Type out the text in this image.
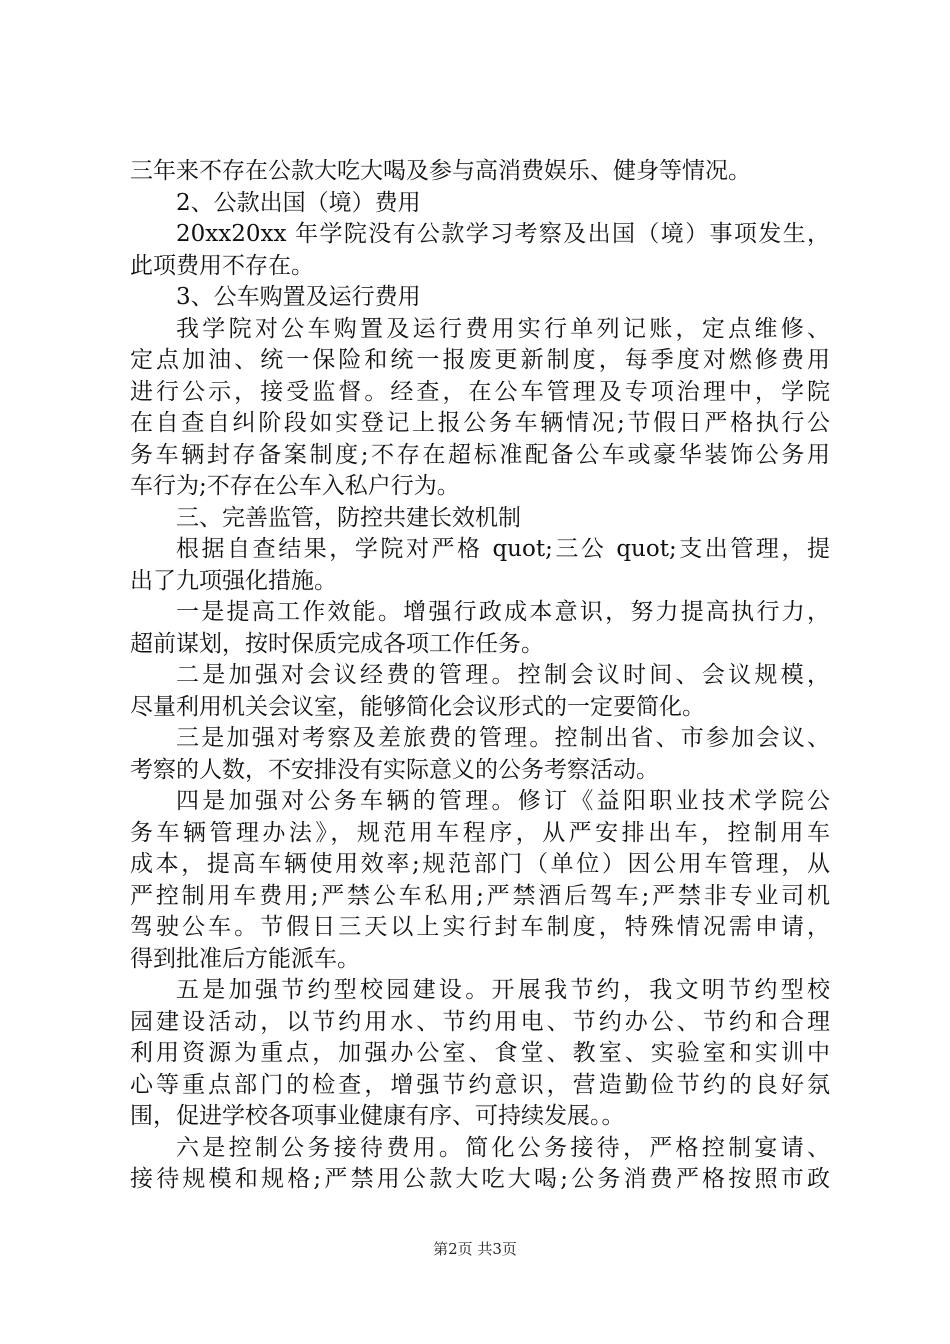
三年来不存在公款大吃大喝及参与高消费娱乐、健身等情况。
2、公款出国（境）费用
20xx20xx 年学院没有公款学习考察及出国（境）事项发生，
此项费用不存在。
3、公车购置及运行费用
我学院对公车购置及运行费用实行单列记账，定点维修、
定点加油、统一保险和统一报废更新制度，每季度对燃修费用
进行公示，接受监督。经查，在公车管理及专项治理中，学院
在自查自纠阶段如实登记上报公务车辆情况;节假日严格执行公
务车辆封存备案制度;不存在超标准配备公车或豪华装饰公务用
车行为;不存在公车入私户行为。
三、完善监管，防控共建长效机制
根据自查结果，学院对严格 quot;三公 quot;支出管理，提
出了九项强化措施。
一是提高工作效能。增强行政成本意识，努力提高执行力，
超前谋划，按时保质完成各项工作任务。
二是加强对会议经费的管理。控制会议时间、会议规模，
尽量利用机关会议室，能够简化会议形式的一定要简化。
三是加强对考察及差旅费的管理。控制出省、市参加会议、
考察的人数，不安排没有实际意义的公务考察活动。
四是加强对公务车辆的管理。修订《益阳职业技术学院公
务车辆管理办法》，规范用车程序，从严安排出车，控制用车
成本，提高车辆使用效率;规范部门（单位）因公用车管理，从
严控制用车费用;严禁公车私用;严禁酒后驾车;严禁非专业司机
驾驶公车。节假日三天以上实行封车制度，特殊情况需申请，
得到批准后方能派车。
五是加强节约型校园建设。开展我节约，我文明节约型校
园建设活动，以节约用水、节约用电、节约办公、节约和合理
利用资源为重点，加强办公室、食堂、教室、实验室和实训中
心等重点部门的检查，增强节约意识，营造勤俭节约的良好氛
围，促进学校各项事业健康有序、可持续发展。。
六是控制公务接待费用。简化公务接待，严格控制宴请、
接待规模和规格;严禁用公款大吃大喝;公务消费严格按照市政
第2页 共3页
